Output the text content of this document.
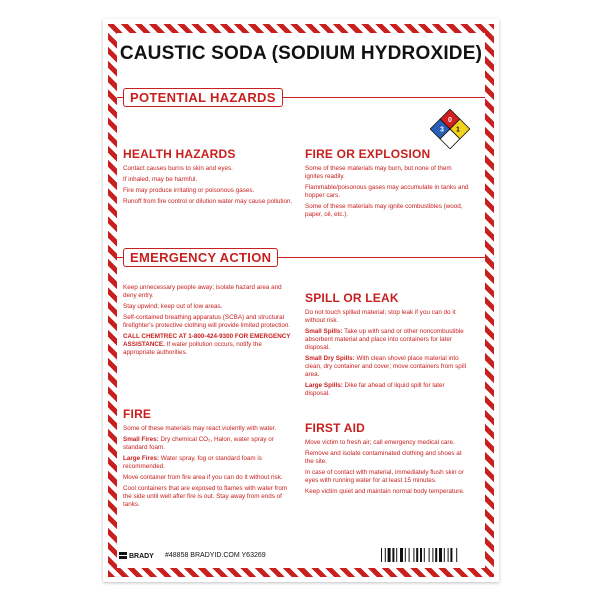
CAUSTIC SODA (SODIUM HYDROXIDE)
POTENTIAL HAZARDS
0
3 1
HEALTH HAZARDS

Contact causes burns to skin and eyes.

If inhaled, may be harmful.

Fire may produce irritating or poisonous gases.

Runoff from fire control or dilution water may cause pollution.

FIRE OR EXPLOSION

Some of these materials may burn, but none of them ignites readily.

Flammable/poisonous gases may accumulate in tanks and hopper cars.

Some of these materials may ignite combustibles (wood, paper, oil, etc.).

EMERGENCY ACTION

Keep unnecessary people away; isolate hazard area and deny entry.

Stay upwind; keep out of low areas.

Self-contained breathing apparatus (SCBA) and structural firefighter's protective clothing will provide limited protection.

CALL CHEMTREC AT 1-800-424-9300 FOR EMERGENCY ASSISTANCE. If water pollution occurs, notify the appropriate authorities.

SPILL OR LEAK

Do not touch spilled material; stop leak if you can do it without risk.

Small Spills: Take up with sand or other noncombustible absorbent material and place into containers for later disposal.

Small Dry Spills: With clean shovel place material into clean, dry container and cover; move containers from spill area.

Large Spills: Dike far ahead of liquid spill for later disposal.

FIRE

Some of these materials may react violently with water.

Small Fires: Dry chemical CO₂, Halon, water spray or standard foam.

Large Fires: Water spray, fog or standard foam is recommended.

Move container from fire area if you can do it without risk.

Cool containers that are exposed to flames with water from the side until well after fire is out. Stay away from ends of tanks.

FIRST AID

Move victim to fresh air; call emergency medical care.

Remove and isolate contaminated clothing and shoes at the site.

In case of contact with material, immediately flush skin or eyes with running water for at least 15 minutes.

Keep victim quiet and maintain normal body temperature.

BRADY #48858 BRADYID.COM Y63269
